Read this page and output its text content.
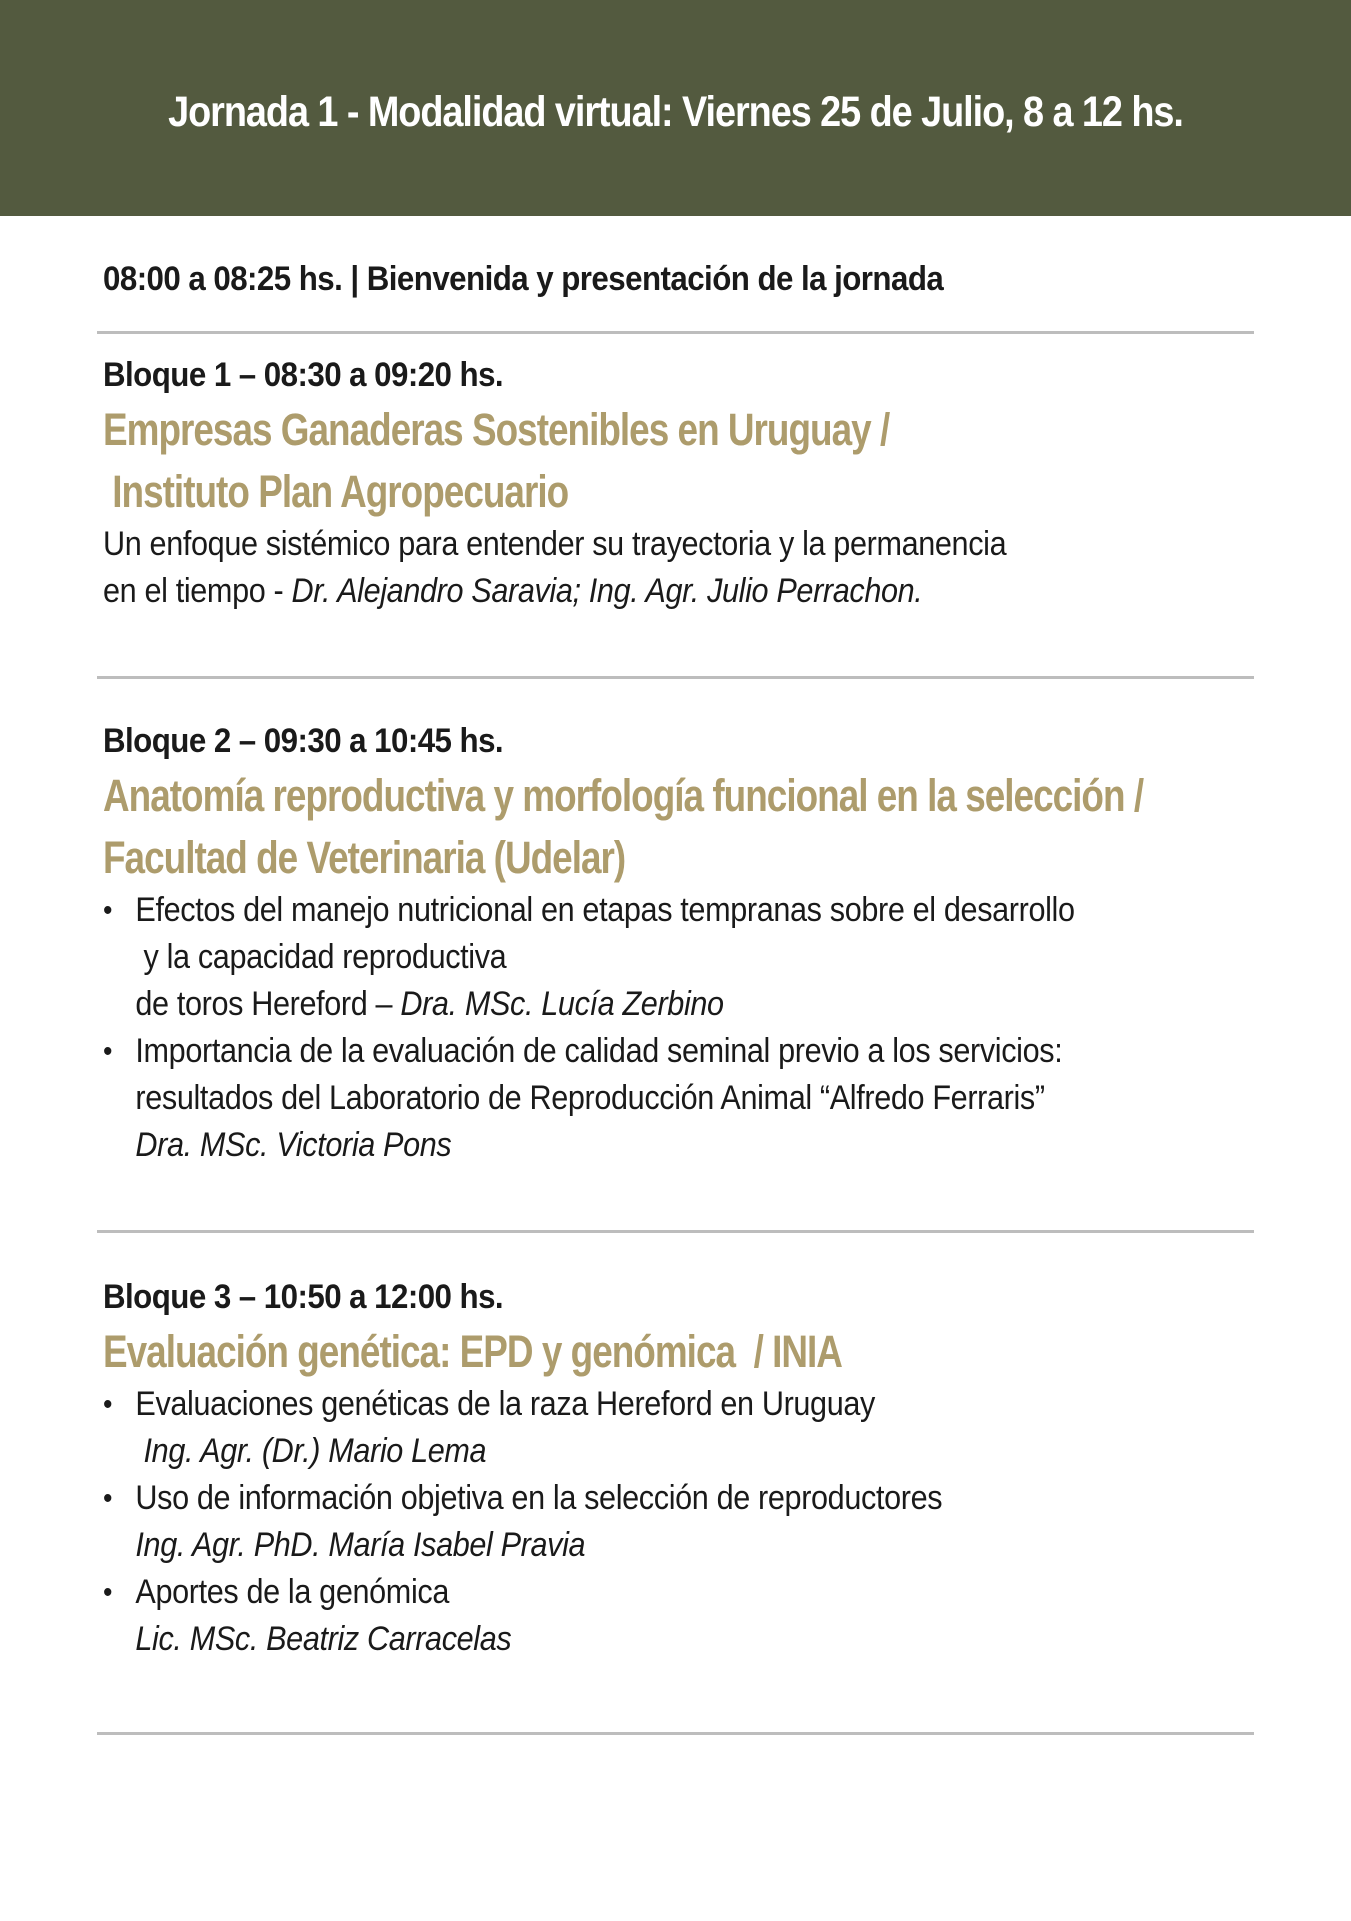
Jornada 1 - Modalidad virtual: Viernes 25 de Julio, 8 a 12 hs.
08:00 a 08:25 hs. | Bienvenida y presentación de la jornada
Bloque 1 – 08:30 a 09:20 hs.
Empresas Ganaderas Sostenibles en Uruguay /
Instituto Plan Agropecuario
Un enfoque sistémico para entender su trayectoria y la permanencia
en el tiempo - Dr. Alejandro Saravia; Ing. Agr. Julio Perrachon.
Bloque 2 – 09:30 a 10:45 hs.
Anatomía reproductiva y morfología funcional en la selección /
Facultad de Veterinaria (Udelar)
• Efectos del manejo nutricional en etapas tempranas sobre el desarrollo
y la capacidad reproductiva
de toros Hereford – Dra. MSc. Lucía Zerbino
• Importancia de la evaluación de calidad seminal previo a los servicios:
resultados del Laboratorio de Reproducción Animal “Alfredo Ferraris”
Dra. MSc. Victoria Pons
Bloque 3 – 10:50 a 12:00 hs.
Evaluación genética: EPD y genómica  / INIA
• Evaluaciones genéticas de la raza Hereford en Uruguay
Ing. Agr. (Dr.) Mario Lema
• Uso de información objetiva en la selección de reproductores
Ing. Agr. PhD. María Isabel Pravia
• Aportes de la genómica
Lic. MSc. Beatriz Carracelas
